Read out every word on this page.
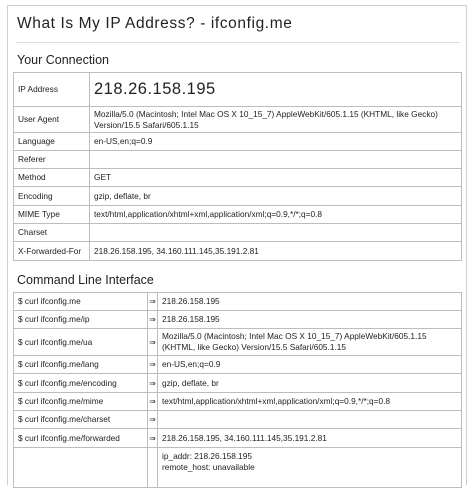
What Is My IP Address? - ifconfig.me
Your Connection
IP Address	218.26.158.195
User Agent	Mozilla/5.0 (Macintosh; Intel Mac OS X 10_15_7) AppleWebKit/605.1.15 (KHTML, like Gecko) Version/15.5 Safari/605.1.15
Language	en-US,en;q=0.9
Referer	
Method	GET
Encoding	gzip, deflate, br
MIME Type	text/html,application/xhtml+xml,application/xml;q=0.9,*/*;q=0.8
Charset	
X-Forwarded-For	218.26.158.195, 34.160.111.145,35.191.2.81
Command Line Interface
$ curl ifconfig.me	⇒	218.26.158.195
$ curl ifconfig.me/ip	⇒	218.26.158.195
$ curl ifconfig.me/ua	⇒	Mozilla/5.0 (Macintosh; Intel Mac OS X 10_15_7) AppleWebKit/605.1.15 (KHTML, like Gecko) Version/15.5 Safari/605.1.15
$ curl ifconfig.me/lang	⇒	en-US,en;q=0.9
$ curl ifconfig.me/encoding	⇒	gzip, deflate, br
$ curl ifconfig.me/mime	⇒	text/html,application/xhtml+xml,application/xml;q=0.9,*/*;q=0.8
$ curl ifconfig.me/charset	⇒	
$ curl ifconfig.me/forwarded	⇒	218.26.158.195, 34.160.111.145,35.191.2.81

		ip_addr: 218.26.158.195
remote_host: unavailable
